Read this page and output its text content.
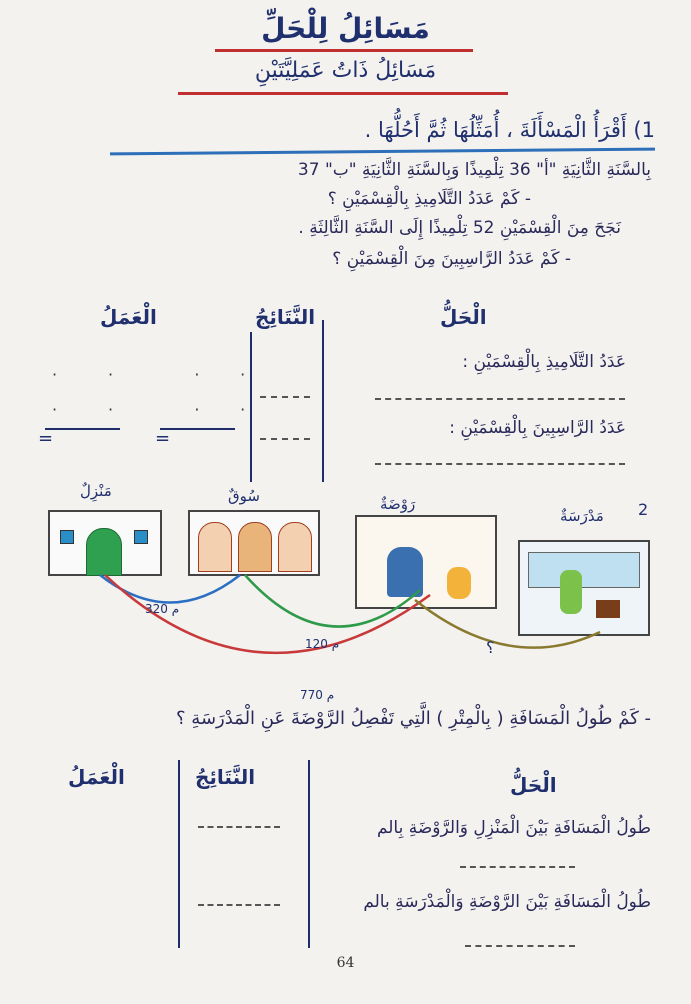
مَسَائِلُ لِلْحَلِّ
مَسَائِلُ ذَاتُ عَمَلِيَّتَيْنِ
1) أَقْرَأُ الْمَسْأَلَةَ ، أُمَثِّلُهَا ثُمَّ أَحُلُّهَا .
بِالسَّنَةِ الثَّانِيَةِ "أ" 36 تِلْمِيذًا وَبِالسَّنَةِ الثَّانِيَةِ "ب" 37
- كَمْ عَدَدُ التَّلَامِيذِ بِالْقِسْمَيْنِ ؟
نَجَحَ مِنَ الْقِسْمَيْنِ 52 تِلْمِيذًا إِلَى السَّنَةِ الثَّالِثَةِ .
- كَمْ عَدَدُ الرَّاسِبِينَ مِنَ الْقِسْمَيْنِ ؟
الْعَمَلُ	النَّتَائِجُ	الْحَلُّ
·          ·                ·        ·
·          ·                ·        ·
=	=
عَدَدُ التَّلَامِيذِ بِالْقِسْمَيْنِ :
عَدَدُ الرَّاسِبِينَ بِالْقِسْمَيْنِ :
2
مَنْزِلٌ	سُوقٌ	رَوْضَةٌ
مَدْرَسَةٌ
320 م
120 م
770 م
؟
- كَمْ طُولُ الْمَسَافَةِ ( بِالْمِتْرِ ) الَّتِي تَفْصِلُ الرَّوْضَةَ عَنِ الْمَدْرَسَةِ ؟
الْعَمَلُ	النَّتَائِجُ	الْحَلُّ
طُولُ الْمَسَافَةِ بَيْنَ الْمَنْزِلِ وَالرَّوْضَةِ بِالم
طُولُ الْمَسَافَةِ بَيْنَ الرَّوْضَةِ وَالْمَدْرَسَةِ بالم
64
